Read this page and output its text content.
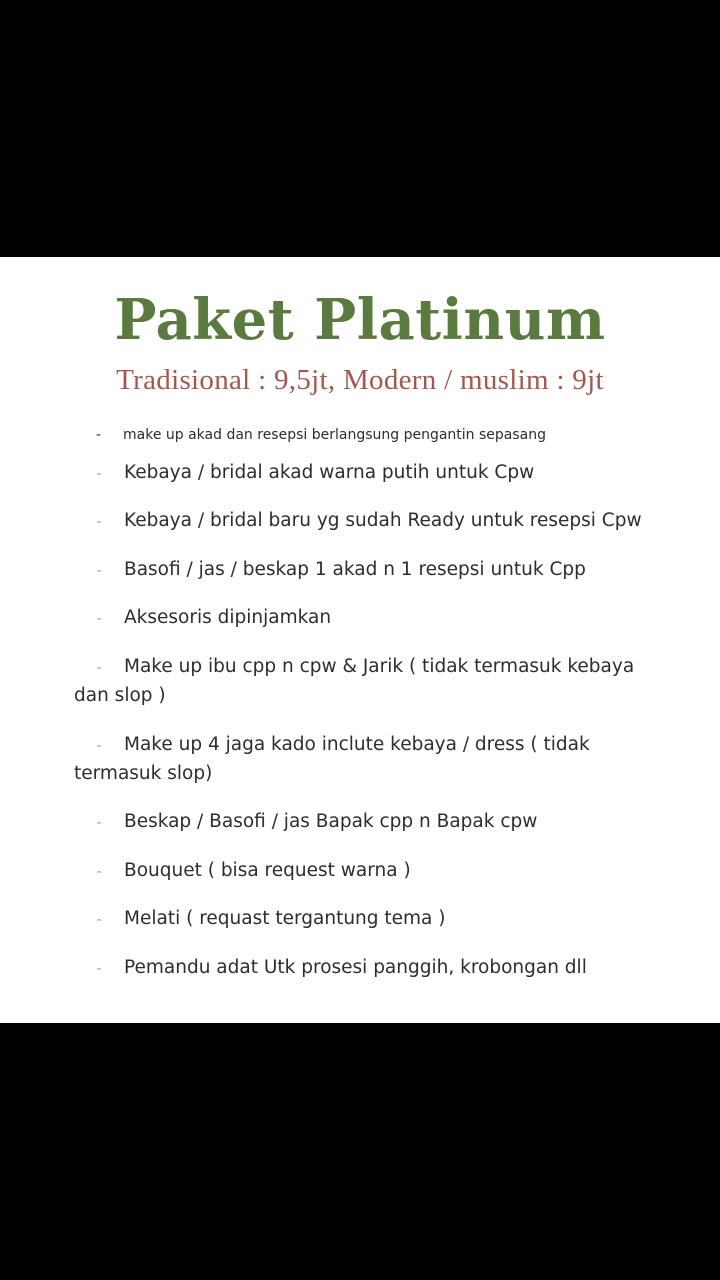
Paket Platinum
Tradisional : 9,5jt, Modern / muslim : 9jt
- make up akad dan resepsi berlangsung pengantin sepasang
- Kebaya / bridal akad warna putih untuk Cpw
- Kebaya / bridal baru yg sudah Ready untuk resepsi Cpw
- Basofi / jas / beskap 1 akad n 1 resepsi untuk Cpp
- Aksesoris dipinjamkan
- Make up ibu cpp n cpw & Jarik ( tidak termasuk kebaya dan slop )
- Make up 4 jaga kado inclute kebaya / dress ( tidak termasuk slop)
- Beskap / Basofi / jas Bapak cpp n Bapak cpw
- Bouquet ( bisa request warna )
- Melati ( requast tergantung tema )
- Pemandu adat Utk prosesi panggih, krobongan dll
